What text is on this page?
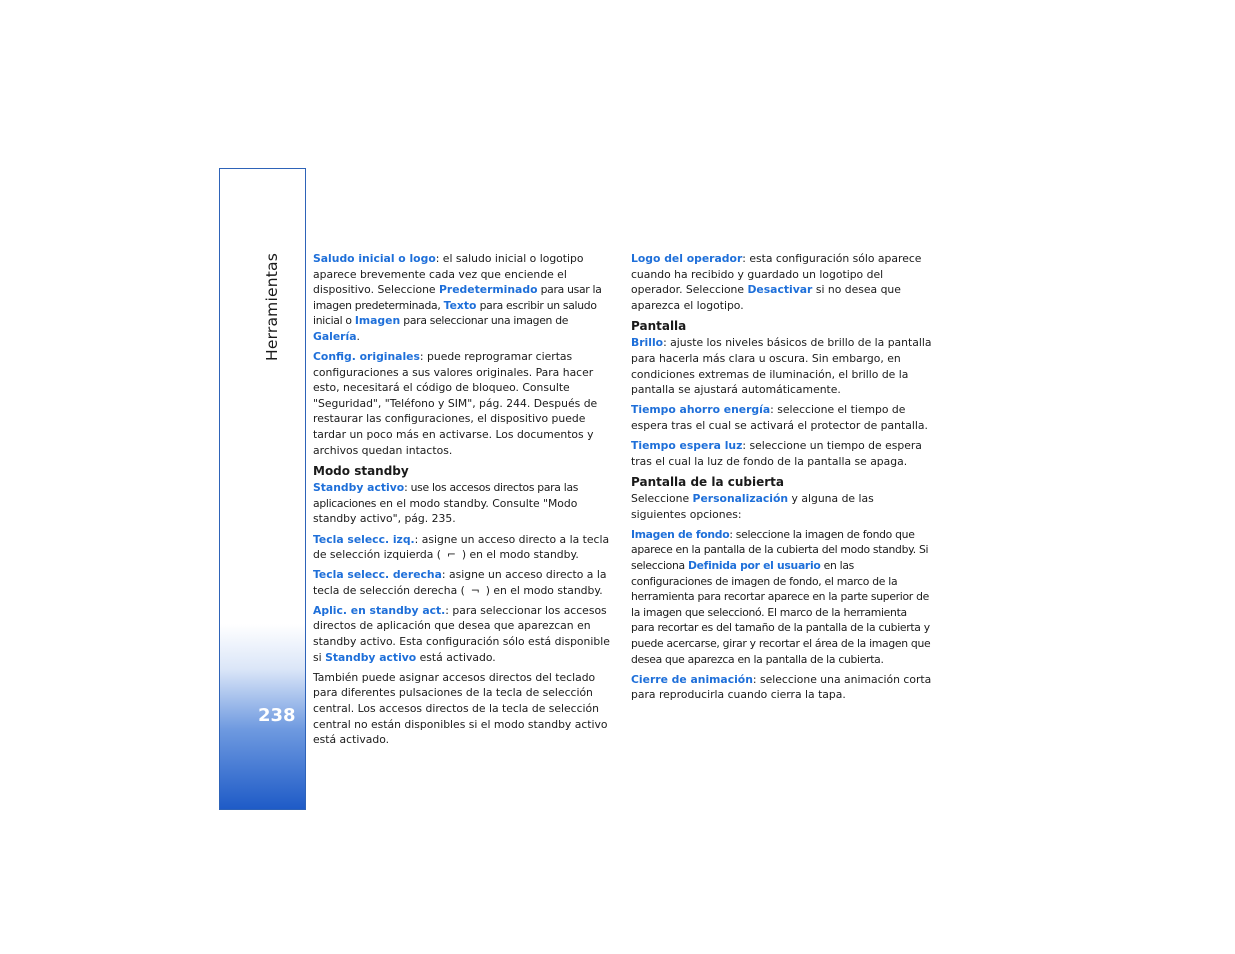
Herramientas
238

Saludo inicial o logo: el saludo inicial o logotipo aparece brevemente cada vez que enciende el dispositivo. Seleccione Predeterminado para usar la imagen predeterminada, Texto para escribir un saludo inicial o Imagen para seleccionar una imagen de Galería.

Config. originales: puede reprogramar ciertas configuraciones a sus valores originales. Para hacer esto, necesitará el código de bloqueo. Consulte "Seguridad", "Teléfono y SIM", pág. 244. Después de restaurar las configuraciones, el dispositivo puede tardar un poco más en activarse. Los documentos y archivos quedan intactos.

Modo standby

Standby activo: use los accesos directos para las aplicaciones en el modo standby. Consulte "Modo standby activo", pág. 235.

Tecla selecc. izq.: asigne un acceso directo a la tecla de selección izquierda ( ⌐ ) en el modo standby.

Tecla selecc. derecha: asigne un acceso directo a la tecla de selección derecha ( ¬ ) en el modo standby.

Aplic. en standby act.: para seleccionar los accesos directos de aplicación que desea que aparezcan en standby activo. Esta configuración sólo está disponible si Standby activo está activado.

También puede asignar accesos directos del teclado para diferentes pulsaciones de la tecla de selección central. Los accesos directos de la tecla de selección central no están disponibles si el modo standby activo está activado.

Logo del operador: esta configuración sólo aparece cuando ha recibido y guardado un logotipo del operador. Seleccione Desactivar si no desea que aparezca el logotipo.

Pantalla

Brillo: ajuste los niveles básicos de brillo de la pantalla para hacerla más clara u oscura. Sin embargo, en condiciones extremas de iluminación, el brillo de la pantalla se ajustará automáticamente.

Tiempo ahorro energía: seleccione el tiempo de espera tras el cual se activará el protector de pantalla.

Tiempo espera luz: seleccione un tiempo de espera tras el cual la luz de fondo de la pantalla se apaga.

Pantalla de la cubierta

Seleccione Personalización y alguna de las siguientes opciones:

Imagen de fondo: seleccione la imagen de fondo que aparece en la pantalla de la cubierta del modo standby. Si selecciona Definida por el usuario en las configuraciones de imagen de fondo, el marco de la herramienta para recortar aparece en la parte superior de la imagen que seleccionó. El marco de la herramienta para recortar es del tamaño de la pantalla de la cubierta y puede acercarse, girar y recortar el área de la imagen que desea que aparezca en la pantalla de la cubierta.

Cierre de animación: seleccione una animación corta para reproducirla cuando cierra la tapa.
